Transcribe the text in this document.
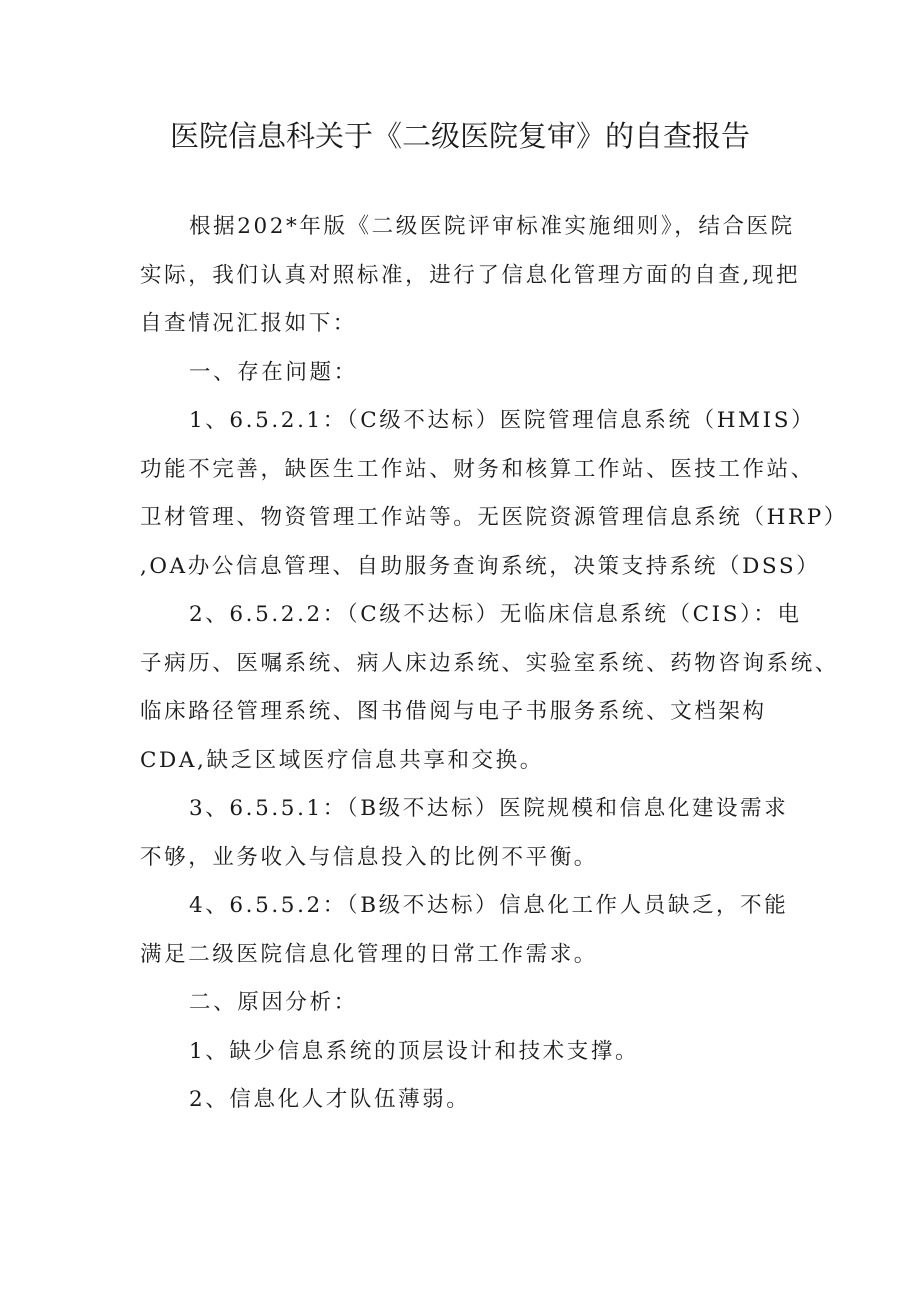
医院信息科关于《二级医院复审》的自查报告
根据202*年版《二级医院评审标准实施细则》，结合医院
实际，我们认真对照标准，进行了信息化管理方面的自查,现把
自查情况汇报如下：
一、存在问题：
1、6.5.2.1：（C级不达标）医院管理信息系统（HMIS）
功能不完善，缺医生工作站、财务和核算工作站、医技工作站、
卫材管理、物资管理工作站等。无医院资源管理信息系统（HRP）
,OA办公信息管理、自助服务查询系统，决策支持系统（DSS）
2、6.5.2.2：（C级不达标）无临床信息系统（CIS）：电
子病历、医嘱系统、病人床边系统、实验室系统、药物咨询系统、
临床路径管理系统、图书借阅与电子书服务系统、文档架构
CDA,缺乏区域医疗信息共享和交换。
3、6.5.5.1：（B级不达标）医院规模和信息化建设需求
不够，业务收入与信息投入的比例不平衡。
4、6.5.5.2：（B级不达标）信息化工作人员缺乏，不能
满足二级医院信息化管理的日常工作需求。
二、原因分析：
1、缺少信息系统的顶层设计和技术支撑。
2、信息化人才队伍薄弱。
